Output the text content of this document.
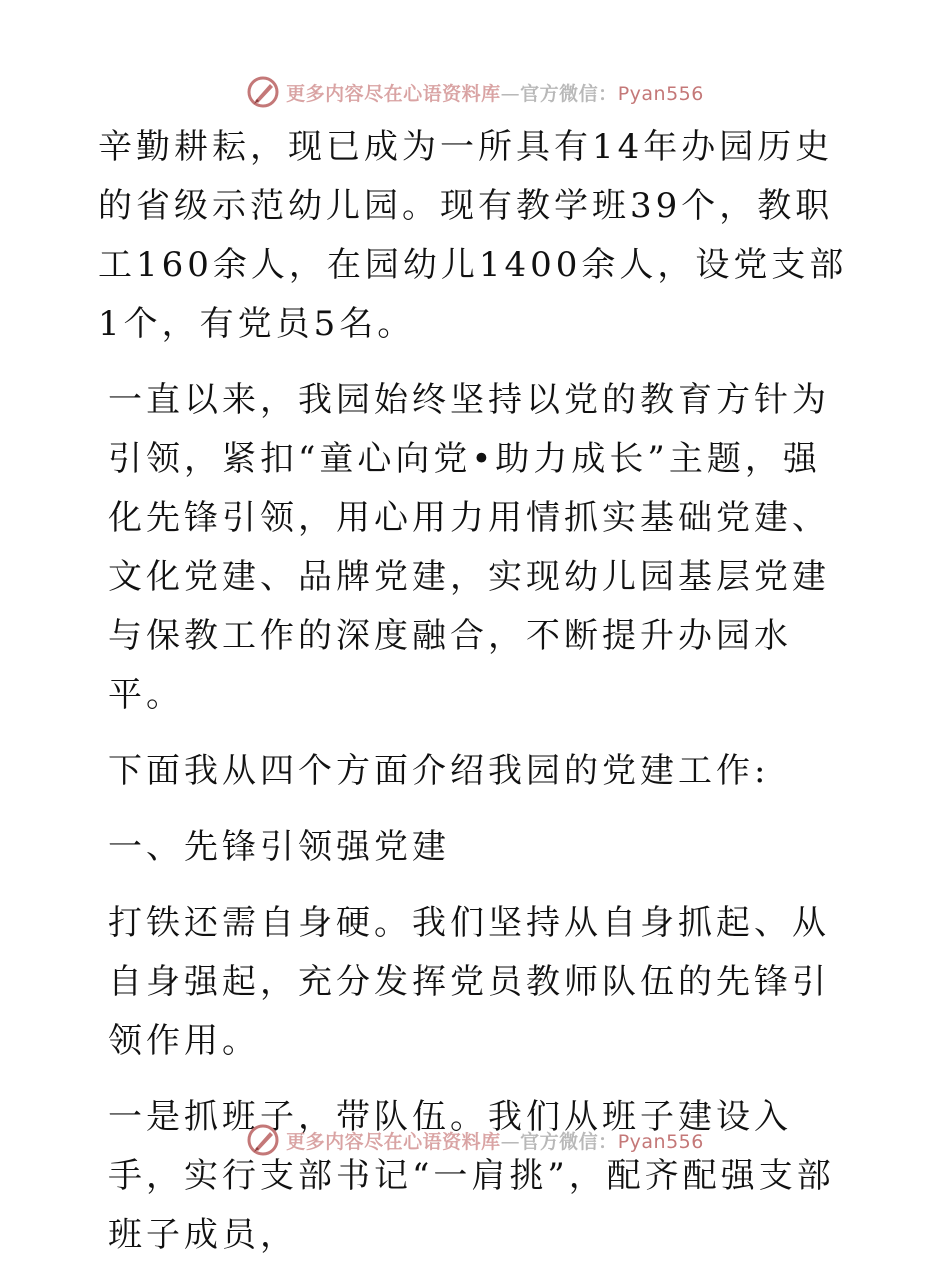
更多内容尽在心语资料库—官方微信：Pyan556

辛勤耕耘，现已成为一所具有14年办园历史的省级示范幼儿园。现有教学班39个，教职工160余人，在园幼儿1400余人，设党支部1个，有党员5名。

一直以来，我园始终坚持以党的教育方针为引领，紧扣“童心向党•助力成长”主题，强化先锋引领，用心用力用情抓实基础党建、文化党建、品牌党建，实现幼儿园基层党建与保教工作的深度融合，不断提升办园水平。

下面我从四个方面介绍我园的党建工作:

一、先锋引领强党建

打铁还需自身硬。我们坚持从自身抓起、从自身强起，充分发挥党员教师队伍的先锋引领作用。

一是抓班子，带队伍。我们从班子建设入手，实行支部书记“一肩挑”，配齐配强支部班子成员，

更多内容尽在心语资料库—官方微信：Pyan556
